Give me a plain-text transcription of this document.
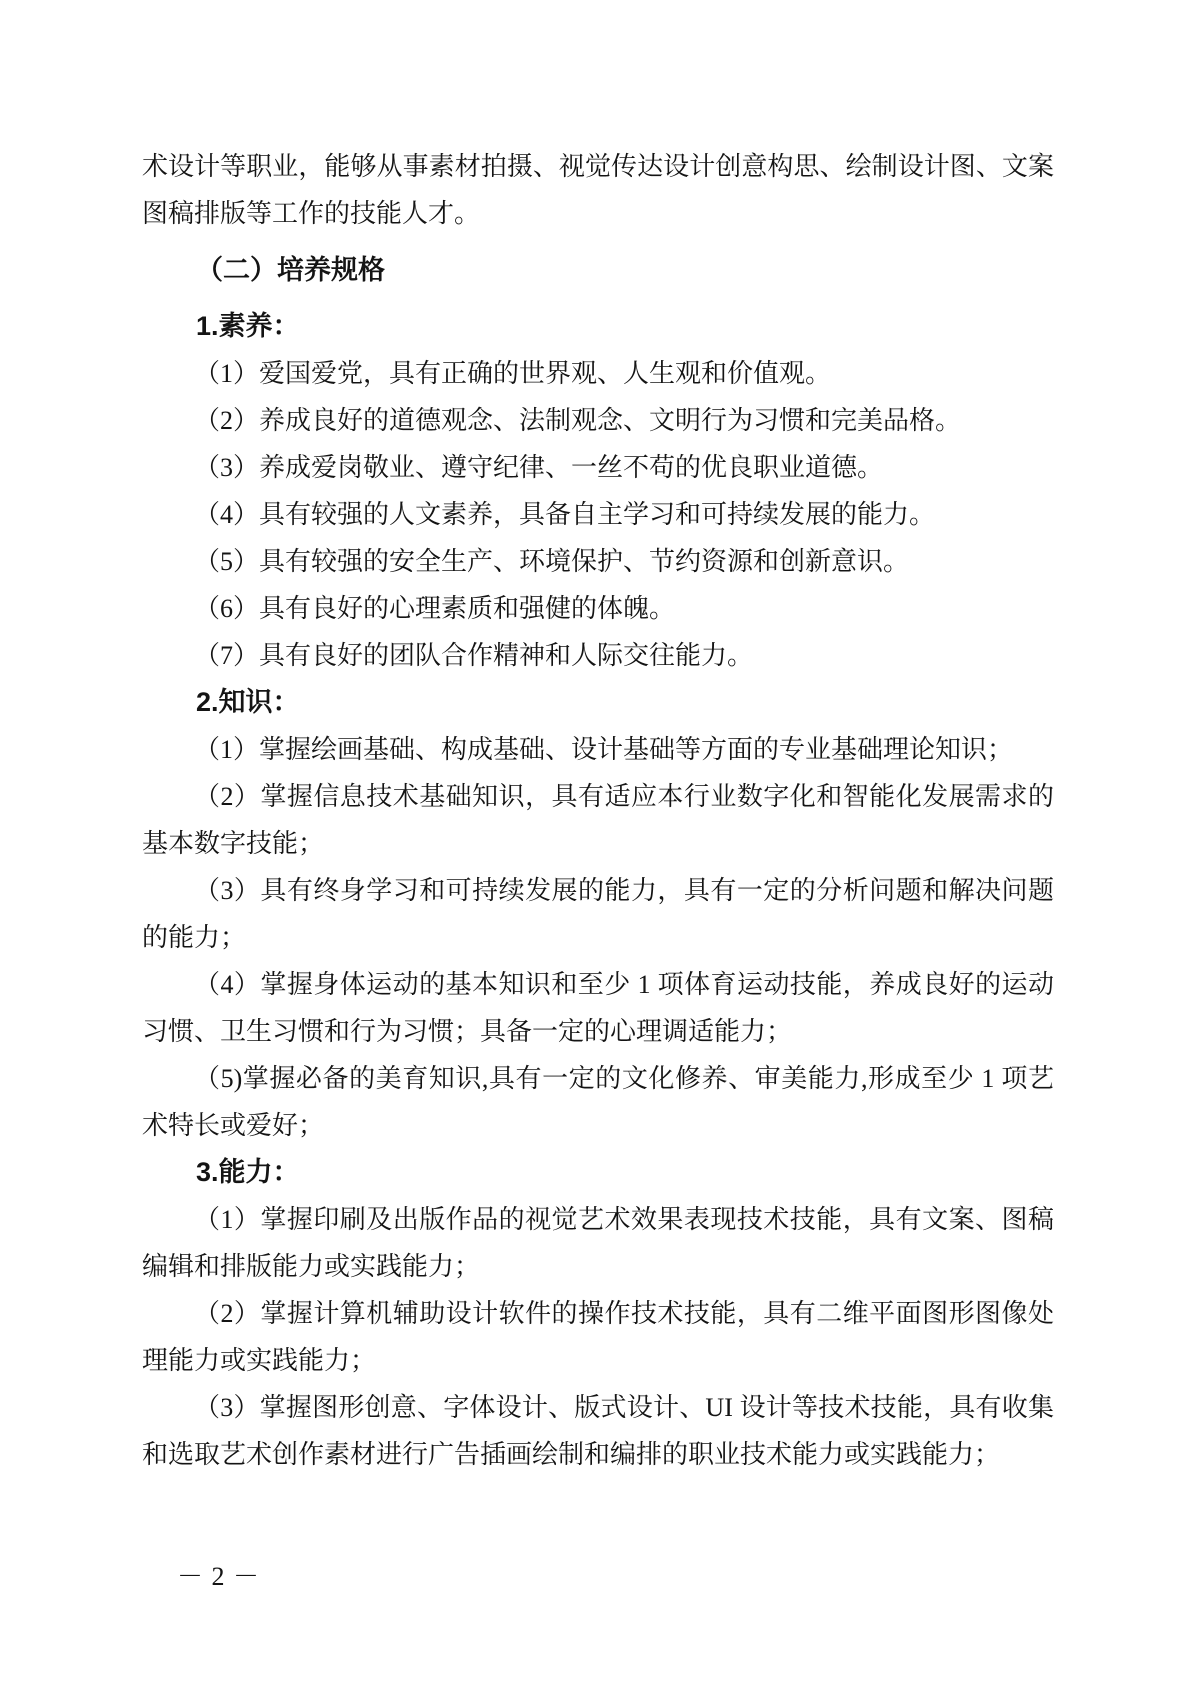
术设计等职业，能够从事素材拍摄、视觉传达设计创意构思、绘制设计图、文案图稿排版等工作的技能人才。

（二）培养规格

1.素养：

（1）爱国爱党，具有正确的世界观、人生观和价值观。

（2）养成良好的道德观念、法制观念、文明行为习惯和完美品格。

（3）养成爱岗敬业、遵守纪律、一丝不苟的优良职业道德。

（4）具有较强的人文素养，具备自主学习和可持续发展的能力。

（5）具有较强的安全生产、环境保护、节约资源和创新意识。

（6）具有良好的心理素质和强健的体魄。

（7）具有良好的团队合作精神和人际交往能力。

2.知识：

（1）掌握绘画基础、构成基础、设计基础等方面的专业基础理论知识；

（2）掌握信息技术基础知识，具有适应本行业数字化和智能化发展需求的基本数字技能；

（3）具有终身学习和可持续发展的能力，具有一定的分析问题和解决问题的能力；

（4）掌握身体运动的基本知识和至少 1 项体育运动技能，养成良好的运动习惯、卫生习惯和行为习惯；具备一定的心理调适能力；

（5)掌握必备的美育知识,具有一定的文化修养、审美能力,形成至少 1 项艺术特长或爱好；

3.能力：

（1）掌握印刷及出版作品的视觉艺术效果表现技术技能，具有文案、图稿编辑和排版能力或实践能力；

（2）掌握计算机辅助设计软件的操作技术技能，具有二维平面图形图像处理能力或实践能力；

（3）掌握图形创意、字体设计、版式设计、UI 设计等技术技能，具有收集和选取艺术创作素材进行广告插画绘制和编排的职业技术能力或实践能力；

－ 2 －
